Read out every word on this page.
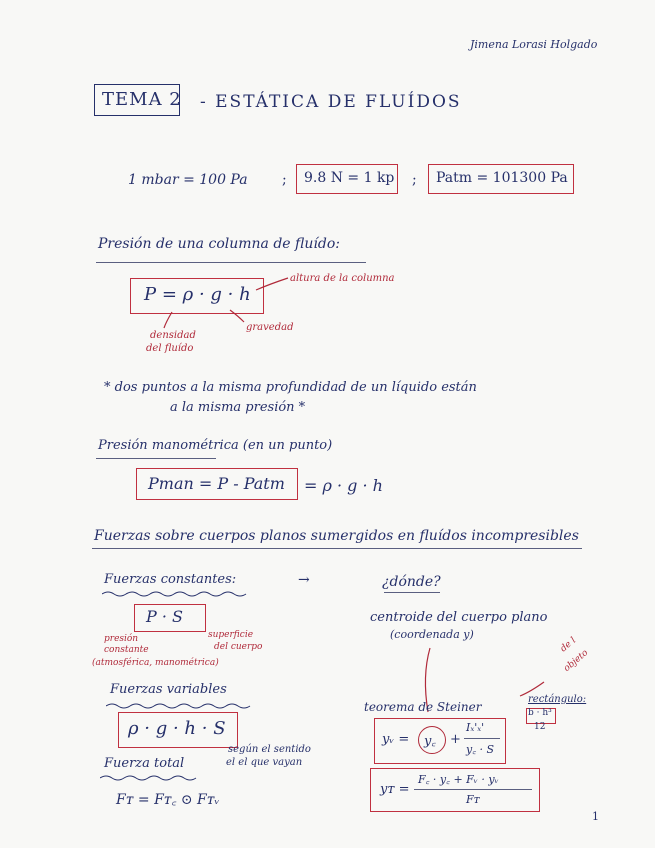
Jimena Lorasi Holgado
TEMA 2 - ESTÁTICA DE FLUÍDOS
1 mbar = 100 Pa ; 9.8 N = 1 kp ; Patm = 101300 Pa
Presión de una columna de fluído:
P = ρ · g · h
altura de la columna
densidad
del fluído
gravedad
* dos puntos a la misma profundidad de un líquido están
a la misma presión *
Presión manométrica (en un punto)
Pman = P - Patm = ρ · g · h
Fuerzas sobre cuerpos planos sumergidos en fluídos incompresibles
Fuerzas constantes:	→	¿dónde?
P · S
presión
constante
(atmosférica, manométrica)
superficie
del cuerpo
centroide del cuerpo plano
(coordenada y)
de l
objeto
Fuerzas variables
ρ · g · h · S
teorema de Steiner
rectángulo:
b · h³
12
yᵥ = y꜀ +
Iₓ'ₓ'
y꜀ · S
Fuerza total
según el sentido
el el que vayan
Fᴛ = Fᴛ꜀ ⊙ Fᴛᵥ
yᴛ =
F꜀ · y꜀ + Fᵥ · yᵥ
Fᴛ
1
